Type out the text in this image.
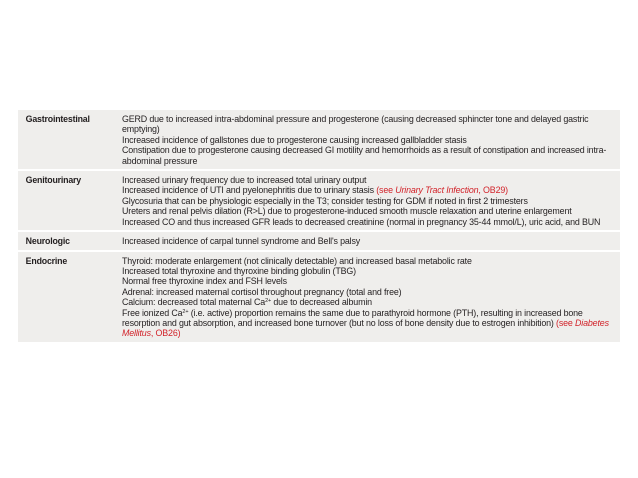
Gastrointestinal	GERD due to increased intra-abdominal pressure and progesterone (causing decreased sphincter tone and delayed gastric emptying)
Increased incidence of gallstones due to progesterone causing increased gallbladder stasis
Constipation due to progesterone causing decreased GI motility and hemorrhoids as a result of constipation and increased intra-abdominal pressure
Genitourinary	Increased urinary frequency due to increased total urinary output
Increased incidence of UTI and pyelonephritis due to urinary stasis (see Urinary Tract Infection, OB29)
Glycosuria that can be physiologic especially in the T3; consider testing for GDM if noted in first 2 trimesters
Ureters and renal pelvis dilation (R>L) due to progesterone-induced smooth muscle relaxation and uterine enlargement
Increased CO and thus increased GFR leads to decreased creatinine (normal in pregnancy 35-44 mmol/L), uric acid, and BUN
Neurologic	Increased incidence of carpal tunnel syndrome and Bell's palsy
Endocrine	Thyroid: moderate enlargement (not clinically detectable) and increased basal metabolic rate
Increased total thyroxine and thyroxine binding globulin (TBG)
Normal free thyroxine index and FSH levels
Adrenal: increased maternal cortisol throughout pregnancy (total and free)
Calcium: decreased total maternal $Ca^{2+}$ due to decreased albumin
Free ionized $Ca^{2+}$ (i.e. active) proportion remains the same due to parathyroid hormone (PTH), resulting in increased bone resorption and gut absorption, and increased bone turnover (but no loss of bone density due to estrogen inhibition) (see Diabetes Mellitus, OB26)
